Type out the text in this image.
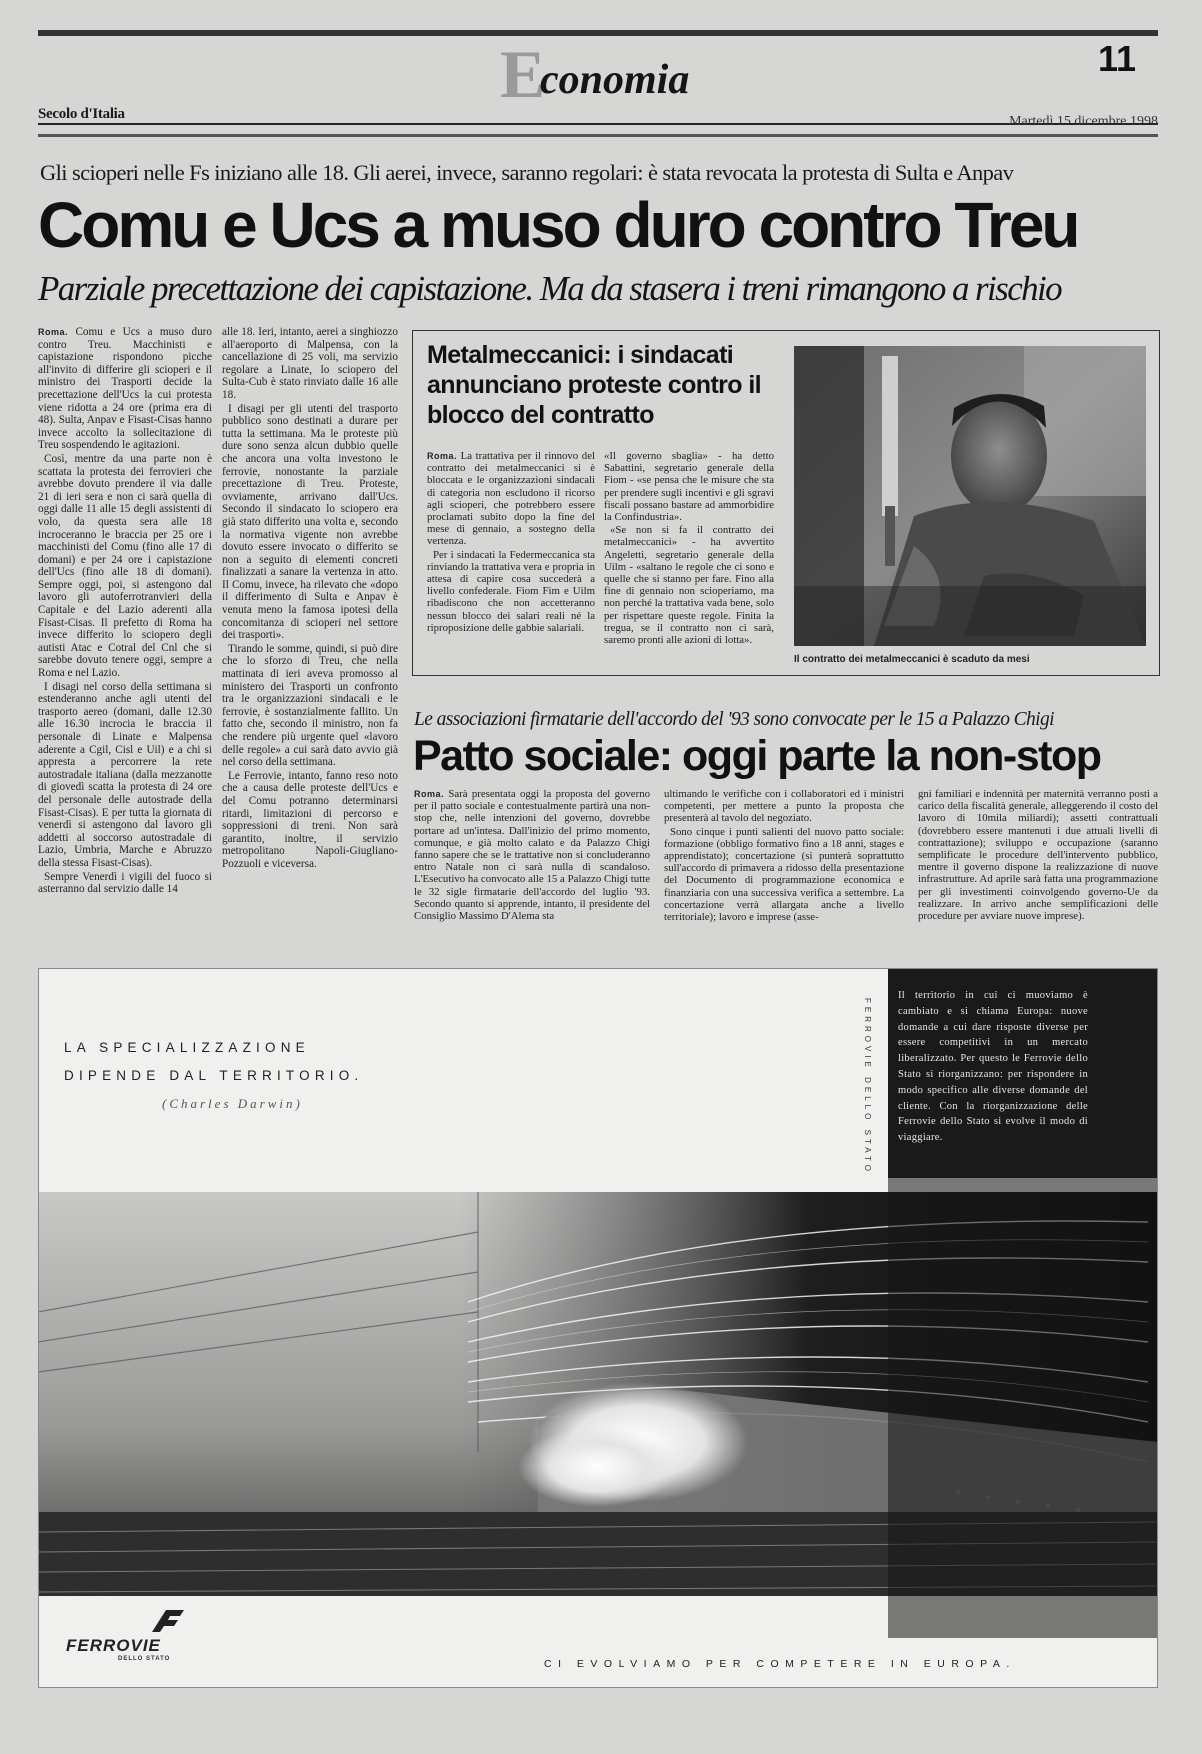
E
conomia	11
Secolo d'Italia	Martedì 15 dicembre 1998
Gli scioperi nelle Fs iniziano alle 18. Gli aerei, invece, saranno regolari: è stata revocata la protesta di Sulta e Anpav
Comu e Ucs a muso duro contro Treu
Parziale precettazione dei capistazione. Ma da stasera i treni rimangono a rischio

Roma. Comu e Ucs a muso duro contro Treu. Macchinisti e capistazione rispondono picche all'invito di differire gli scioperi e il ministro dei Trasporti decide la precettazione dell'Ucs la cui protesta viene ridotta a 24 ore (prima era di 48). Sulta, Anpav e Fisast-Cisas hanno invece accolto la sollecitazione di Treu sospendendo le agitazioni.

Così, mentre da una parte non è scattata la protesta dei ferrovieri che avrebbe dovuto prendere il via dalle 21 di ieri sera e non ci sarà quella di oggi dalle 11 alle 15 degli assistenti di volo, da questa sera alle 18 incroceranno le braccia per 25 ore i macchinisti del Comu (fino alle 17 di domani) e per 24 ore i capistazione dell'Ucs (fino alle 18 di domani). Sempre oggi, poi, si astengono dal lavoro gli autoferrotranvieri della Capitale e del Lazio aderenti alla Fisast-Cisas. Il prefetto di Roma ha invece differito lo sciopero degli autisti Atac e Cotral del Cnl che si sarebbe dovuto tenere oggi, sempre a Roma e nel Lazio.

I disagi nel corso della settimana si estenderanno anche agli utenti del trasporto aereo (domani, dalle 12.30 alle 16.30 incrocia le braccia il personale di Linate e Malpensa aderente a Cgil, Cisl e Uil) e a chi si appresta a percorrere la rete autostradale italiana (dalla mezzanotte di giovedì scatta la protesta di 24 ore del personale delle autostrade della Fisast-Cisas). E per tutta la giornata di venerdì si astengono dal lavoro gli addetti al soccorso autostradale di Lazio, Umbria, Marche e Abruzzo della stessa Fisast-Cisas).

Sempre Venerdì i vigili del fuoco si asterranno dal servizio dalle 14

alle 18. Ieri, intanto, aerei a singhiozzo all'aeroporto di Malpensa, con la cancellazione di 25 voli, ma servizio regolare a Linate, lo sciopero del Sulta-Cub è stato rinviato dalle 16 alle 18.

I disagi per gli utenti del trasporto pubblico sono destinati a durare per tutta la settimana. Ma le proteste più dure sono senza alcun dubbio quelle che ancora una volta investono le ferrovie, nonostante la parziale precettazione di Treu. Proteste, ovviamente, arrivano dall'Ucs. Secondo il sindacato lo sciopero era già stato differito una volta e, secondo la normativa vigente non avrebbe dovuto essere invocato o differito se non a seguito di elementi concreti finalizzati a sanare la vertenza in atto. Il Comu, invece, ha rilevato che «dopo il differimento di Sulta e Anpav è venuta meno la famosa ipotesi della concomitanza di scioperi nel settore dei trasporti».

Tirando le somme, quindi, si può dire che lo sforzo di Treu, che nella mattinata di ieri aveva promosso al ministero dei Trasporti un confronto tra le organizzazioni sindacali e le ferrovie, è sostanzialmente fallito. Un fatto che, secondo il ministro, non fa che rendere più urgente quel «lavoro delle regole» a cui sarà dato avvio già nel corso della settimana.

Le Ferrovie, intanto, fanno reso noto che a causa delle proteste dell'Ucs e del Comu potranno determinarsi ritardi, limitazioni di percorso e soppressioni di treni. Non sarà garantito, inoltre, il servizio metropolitano Napoli-Giugliano-Pozzuoli e viceversa.

Metalmeccanici: i sindacati annunciano proteste contro il blocco del contratto

Roma. La trattativa per il rinnovo del contratto dei metalmeccanici si è bloccata e le organizzazioni sindacali di categoria non escludono il ricorso agli scioperi, che potrebbero essere proclamati subito dopo la fine del mese di gennaio, a sostegno della vertenza.

Per i sindacati la Federmeccanica sta rinviando la trattativa vera e propria in attesa di capire cosa succederà a livello confederale. Fiom Fim e Uilm ribadiscono che non accetteranno nessun blocco dei salari reali né la riproposizione delle gabbie salariali.

«Il governo sbaglia» - ha detto Sabattini, segretario generale della Fiom - «se pensa che le misure che sta per prendere sugli incentivi e gli sgravi fiscali possano bastare ad ammorbidire la Confindustria».

«Se non si fa il contratto dei metalmeccanici» - ha avvertito Angeletti, segretario generale della Uilm - «saltano le regole che ci sono e quelle che si stanno per fare. Fino alla fine di gennaio non scioperiamo, ma non perché la trattativa vada bene, solo per rispettare queste regole. Finita la tregua, se il contratto non ci sarà, saremo pronti alle azioni di lotta».

Il contratto dei metalmeccanici è scaduto da mesi
Le associazioni firmatarie dell'accordo del '93 sono convocate per le 15 a Palazzo Chigi
Patto sociale: oggi parte la non-stop

Roma. Sarà presentata oggi la proposta del governo per il patto sociale e contestualmente partirà una non-stop che, nelle intenzioni del governo, dovrebbe portare ad un'intesa. Dall'inizio del primo momento, comunque, e già molto calato e da Palazzo Chigi fanno sapere che se le trattative non si concluderanno entro Natale non ci sarà nulla di scandaloso. L'Esecutivo ha convocato alle 15 a Palazzo Chigi tutte le 32 sigle firmatarie dell'accordo del luglio '93. Secondo quanto si apprende, intanto, il presidente del Consiglio Massimo D'Alema sta

ultimando le verifiche con i collaboratori ed i ministri competenti, per mettere a punto la proposta che presenterà al tavolo del negoziato.

Sono cinque i punti salienti del nuovo patto sociale: formazione (obbligo formativo fino a 18 anni, stages e apprendistato); concertazione (si punterà soprattutto sull'accordo di primavera a ridosso della presentazione del Documento di programmazione economica e finanziaria con una successiva verifica a settembre. La concertazione verrà allargata anche a livello territoriale); lavoro e imprese (asse-

gni familiari e indennità per maternità verranno posti a carico della fiscalità generale, alleggerendo il costo del lavoro di 10mila miliardi); assetti contrattuali (dovrebbero essere mantenuti i due attuali livelli di contrattazione); sviluppo e occupazione (saranno semplificate le procedure dell'intervento pubblico, mentre il governo dispone la realizzazione di nuove infrastrutture. Ad aprile sarà fatta una programmazione per gli investimenti coinvolgendo governo-Ue da realizzare. In arrivo anche semplificazioni delle procedure per avviare nuove imprese).

LA SPECIALIZZAZIONE
DIPENDE DAL TERRITORIO.
(Charles Darwin)	FERROVIE DELLO STATO
Il territorio in cui ci muoviamo è cambiato e si chiama Europa: nuove domande a cui dare risposte diverse per essere competitivi in un mercato liberalizzato. Per questo le Ferrovie dello Stato si riorganizzano: per rispondere in modo specifico alle diverse domande del cliente. Con la riorganizzazione delle Ferrovie dello Stato si evolve il modo di viaggiare.
FERROVIE
DELLO STATO	CI EVOLVIAMO PER COMPETERE IN EUROPA.
